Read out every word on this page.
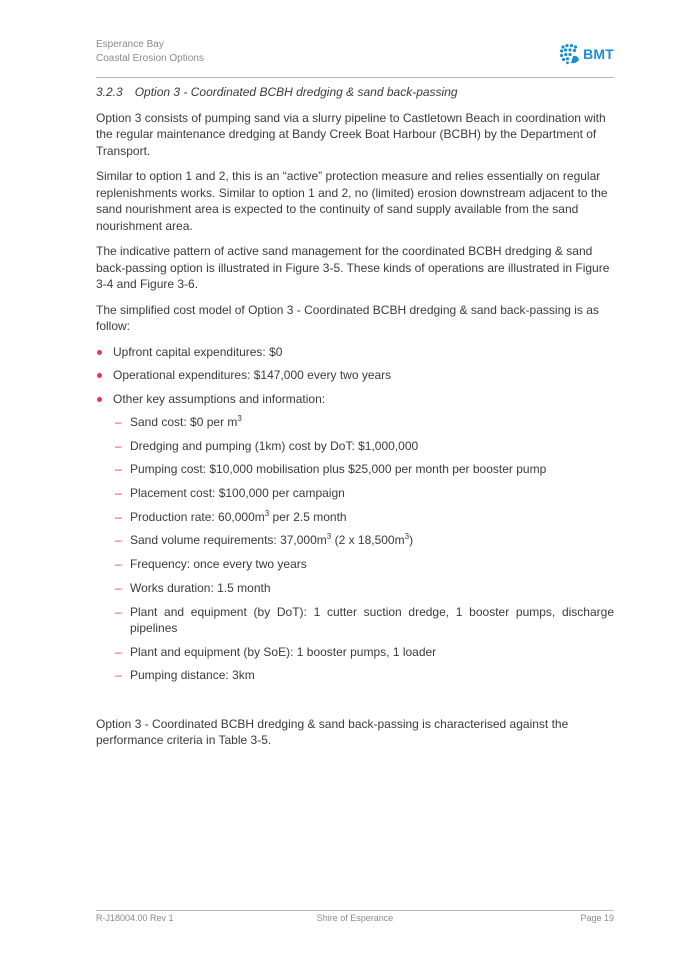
Esperance Bay
Coastal Erosion Options	BMT
3.2.3 Option 3 - Coordinated BCBH dredging & sand back-passing

Option 3 consists of pumping sand via a slurry pipeline to Castletown Beach in coordination with the regular maintenance dredging at Bandy Creek Boat Harbour (BCBH) by the Department of Transport.

Similar to option 1 and 2, this is an “active” protection measure and relies essentially on regular replenishments works. Similar to option 1 and 2, no (limited) erosion downstream adjacent to the sand nourishment area is expected to the continuity of sand supply available from the sand nourishment area.

The indicative pattern of active sand management for the coordinated BCBH dredging & sand back-passing option is illustrated in Figure 3-5. These kinds of operations are illustrated in Figure 3-4 and Figure 3-6.

The simplified cost model of Option 3 - Coordinated BCBH dredging & sand back-passing is as follow:

Upfront capital expenditures: $0
Operational expenditures: $147,000 every two years
Other key assumptions and information:
– Sand cost: $0 per $m^3$
– Dredging and pumping (1km) cost by DoT: $1,000,000
– Pumping cost: $10,000 mobilisation plus $25,000 per month per booster pump
– Placement cost: $100,000 per campaign
– Production rate: $60,000m^3$ per 2.5 month
– Sand volume requirements: $37,000m^3$ (2 x $18,500m^3$)
– Frequency: once every two years
– Works duration: 1.5 month
– Plant and equipment (by DoT): 1 cutter suction dredge, 1 booster pumps, discharge pipelines
– Plant and equipment (by SoE): 1 booster pumps, 1 loader
– Pumping distance: 3km

Option 3 - Coordinated BCBH dredging & sand back-passing is characterised against the performance criteria in Table 3-5.

R-J18004.00 Rev 1	Shire of Esperance	Page 19
